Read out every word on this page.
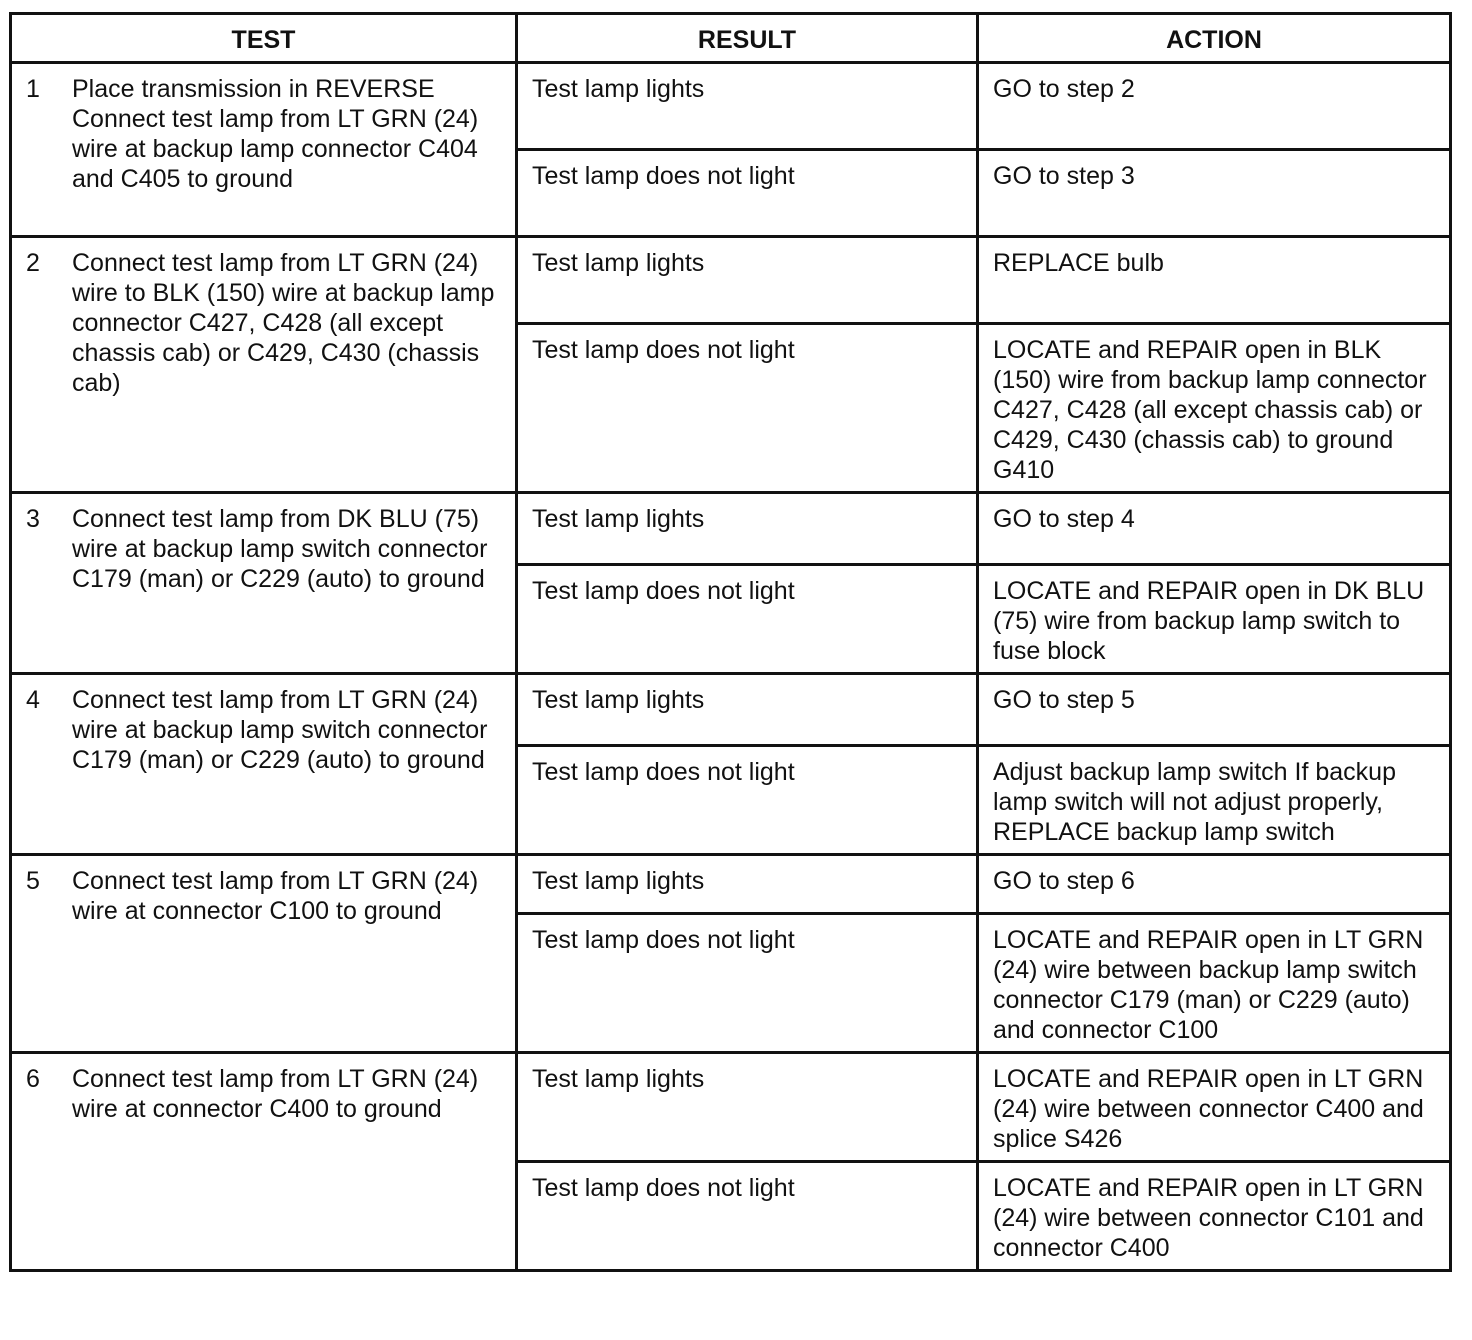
TEST	RESULT	ACTION

1 Place transmission in REVERSE Connect test lamp from LT GRN (24) wire at backup lamp connector C404 and C405 to ground	Test lamp lights	GO to step 2
	Test lamp does not light	GO to step 3

2 Connect test lamp from LT GRN (24) wire to BLK (150) wire at backup lamp connector C427, C428 (all except chassis cab) or C429, C430 (chassis cab)	Test lamp lights	REPLACE bulb
	Test lamp does not light	LOCATE and REPAIR open in BLK (150) wire from backup lamp connector C427, C428 (all except chassis cab) or C429, C430 (chassis cab) to ground G410

3 Connect test lamp from DK BLU (75) wire at backup lamp switch connector C179 (man) or C229 (auto) to ground	Test lamp lights	GO to step 4
	Test lamp does not light	LOCATE and REPAIR open in DK BLU (75) wire from backup lamp switch to fuse block

4 Connect test lamp from LT GRN (24) wire at backup lamp switch connector C179 (man) or C229 (auto) to ground	Test lamp lights	GO to step 5
	Test lamp does not light	Adjust backup lamp switch If backup lamp switch will not adjust properly, REPLACE backup lamp switch

5 Connect test lamp from LT GRN (24) wire at connector C100 to ground	Test lamp lights	GO to step 6
	Test lamp does not light	LOCATE and REPAIR open in LT GRN (24) wire between backup lamp switch connector C179 (man) or C229 (auto) and connector C100

6 Connect test lamp from LT GRN (24) wire at connector C400 to ground	Test lamp lights	LOCATE and REPAIR open in LT GRN (24) wire between connector C400 and splice S426
	Test lamp does not light	LOCATE and REPAIR open in LT GRN (24) wire between connector C101 and connector C400
